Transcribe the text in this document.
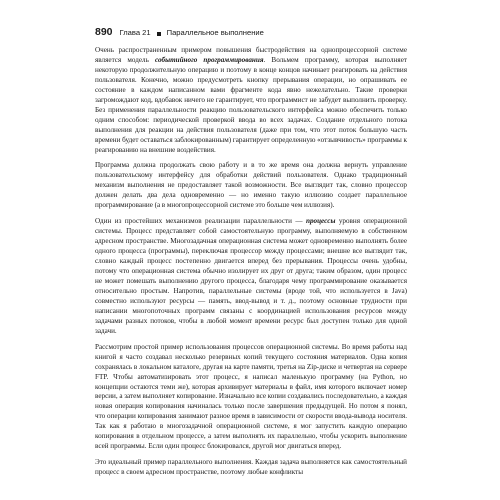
890 Глава 21 Параллельное выполнение

Очень распространенным примером повышения быстродействия на однопроцессорной системе является модель событийного программирования. Вольмем программу, которая выполняет некоторую продолжительную операцию и поэтому в конце концов начинает реагировать на действия пользователя. Конечно, можно предусмотреть кнопку прерывания операции, но опрашивать ее состояние в каждом написанном вами фрагменте кода явно нежелательно. Такие проверки загромождают код, вдобавок ничего не гарантирует, что программист не забудет выполнить проверку. Без применения параллельности реакцию пользовательского интерфейса можно обеспечить только одним способом: периодической проверкой ввода во всех задачах. Создание отдельного потока выполнения для реакции на действия пользователя (даже при том, что этот поток большую часть времени будет оставаться заблокированным) гарантирует определенную «отзывчивость» программы к реагированию на внешние воздействия.

Программа должна продолжать свою работу и в то же время она должна вернуть управление пользовательскому интерфейсу для обработки действий пользователя. Однако традиционный механизм выполнения не предоставляет такой возможности. Все выглядит так, словно процессор должен делать два дела одновременно — но именно такую иллюзию создает параллельное программирование (а в многопроцессорной системе это больше чем иллюзия).

Один из простейших механизмов реализации параллельности — процессы уровня операционной системы. Процесс представляет собой самостоятельную программу, выполняемую в собственном адресном пространстве. Многозадачная операционная система может одновременно выполнять более одного процесса (программы), переключая процессор между процессами; внешне все выглядит так, словно каждый процесс постепенно двигается вперед без прерывания. Процессы очень удобны, потому что операционная система обычно изолирует их друг от друга; таким образом, один процесс не может помешать выполнению другого процесса, благодаря чему программирование оказывается относительно простым. Напротив, параллельные системы (вроде той, что используется в Java) совместно используют ресурсы — память, ввод-вывод и т. д., поэтому основные трудности при написании многопоточных программ связаны с координацией использования ресурсов между задачами разных потоков, чтобы в любой момент времени ресурс был доступен только для одной задачи.

Рассмотрим простой пример использования процессов операционной системы. Во время работы над книгой я часто создавал несколько резервных копий текущего состояния материалов. Одна копия сохранялась в локальном каталоге, другая на карте памяти, третья на Zip-диске и четвертая на сервере FTP. Чтобы автоматизировать этот процесс, я написал маленькую программу (на Python, но концепции остаются теми же), которая архивирует материалы в файл, имя которого включает номер версии, а затем выполняет копирование. Изначально все копии создавались последовательно, а каждая новая операция копирования начиналась только после завершения предыдущей. Но потом я понял, что операции копирования занимают разное время в зависимости от скорости ввода-вывода носителя. Так как я работаю в многозадачной операционной системе, я мог запустить каждую операцию копирования в отдельном процессе, а затем выполнять их параллельно, чтобы ускорить выполнение всей программы. Если один процесс блокировался, другой мог двигаться вперед.

Это идеальный пример параллельного выполнения. Каждая задача выполняется как самостоятельный процесс в своем адресном пространстве, поэтому любые конфликты
